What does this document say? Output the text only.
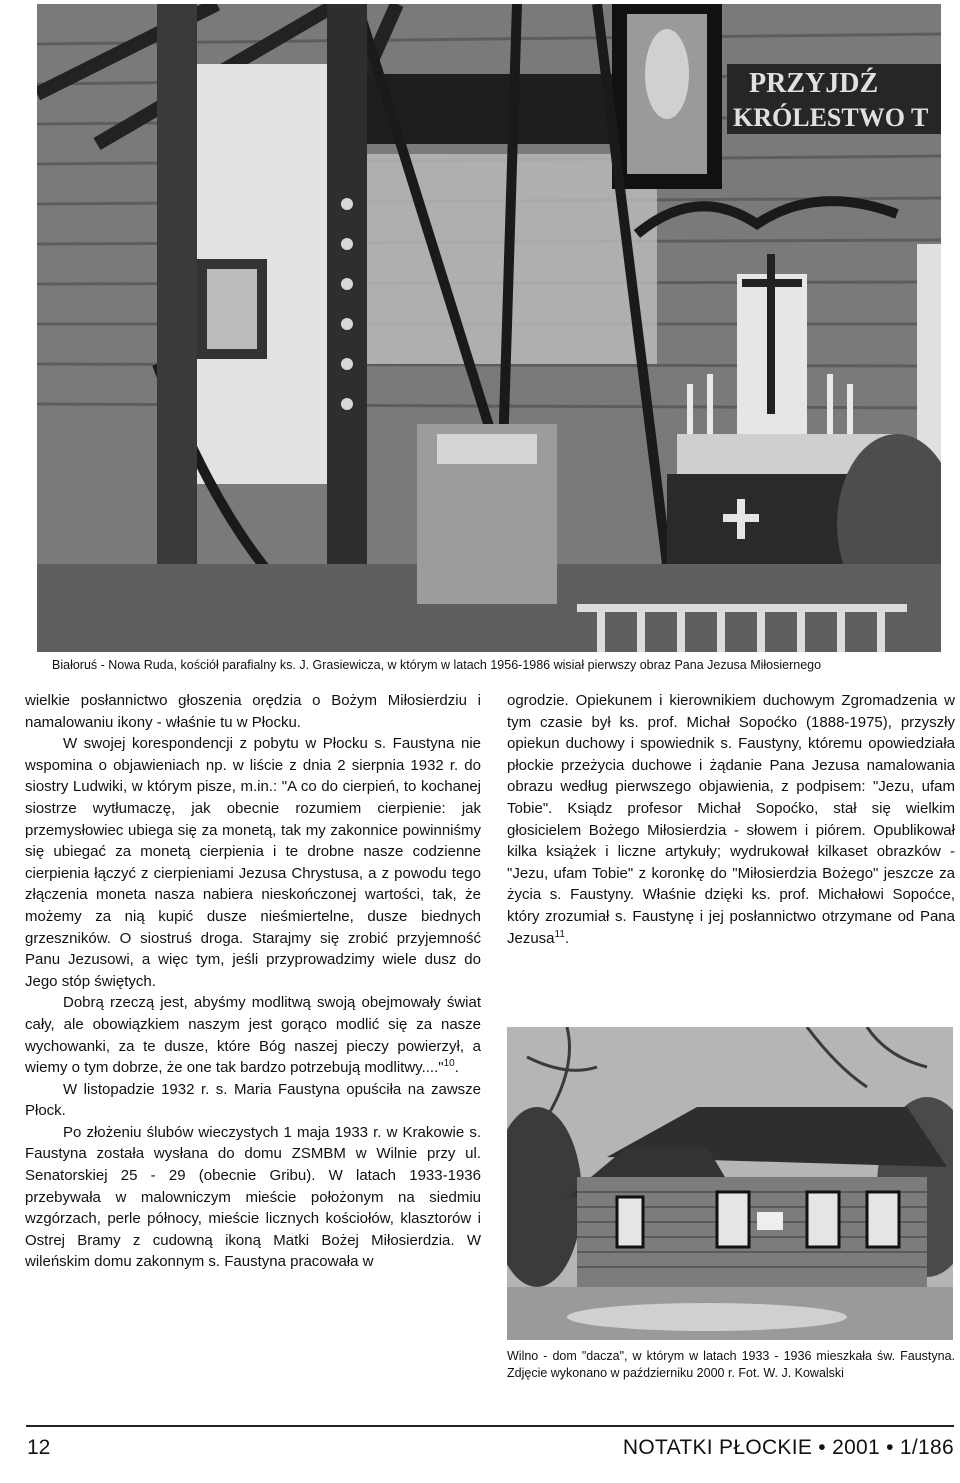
PRZYJDŹ
KRÓLESTWO T
Białoruś - Nowa Ruda, kościół parafialny ks. J. Grasiewicza, w którym w latach 1956-1986 wisiał pierwszy obraz Pana Jezusa Miłosiernego

wielkie posłannictwo głoszenia orędzia o Bożym Miłosierdziu i namalowaniu ikony - właśnie tu w Płocku.

W swojej korespondencji z pobytu w Płocku s. Faustyna nie wspomina o objawieniach np. w liście z dnia 2 sierpnia 1932 r. do siostry Ludwiki, w którym pisze, m.in.: "A co do cierpień, to kochanej siostrze wytłumaczę, jak obecnie rozumiem cierpienie: jak przemysłowiec ubiega się za monetą, tak my zakonnice powinniśmy się ubiegać za monetą cierpienia i te drobne nasze codzienne cierpienia łączyć z cierpieniami Jezusa Chrystusa, a z powodu tego złączenia moneta nasza nabiera nieskończonej wartości, tak, że możemy za nią kupić dusze nieśmiertelne, dusze biednych grzeszników. O siostruś droga. Starajmy się zrobić przyjemność Panu Jezusowi, a więc tym, jeśli przyprowadzimy wiele dusz do Jego stóp świętych.

Dobrą rzeczą jest, abyśmy modlitwą swoją obejmowały świat cały, ale obowiązkiem naszym jest gorąco modlić się za nasze wychowanki, za te dusze, które Bóg naszej pieczy powierzył, a wiemy o tym dobrze, że one tak bardzo potrzebują modlitwy...."$^{10}$.

W listopadzie 1932 r. s. Maria Faustyna opuściła na zawsze Płock.

Po złożeniu ślubów wieczystych 1 maja 1933 r. w Krakowie s. Faustyna została wysłana do domu ZSMBM w Wilnie przy ul. Senatorskiej 25 - 29 (obecnie Gribu). W latach 1933-1936 przebywała w malowniczym mieście położonym na siedmiu wzgórzach, perle północy, mieście licznych kościołów, klasztorów i Ostrej Bramy z cudowną ikoną Matki Bożej Miłosierdzia. W wileńskim domu zakonnym s. Faustyna pracowała w

ogrodzie. Opiekunem i kierownikiem duchowym Zgromadzenia w tym czasie był ks. prof. Michał Sopoćko (1888-1975), przyszły opiekun duchowy i spowiednik s. Faustyny, któremu opowiedziała płockie przeżycia duchowe i żądanie Pana Jezusa namalowania obrazu według pierwszego objawienia, z podpisem: "Jezu, ufam Tobie". Ksiądz profesor Michał Sopoćko, stał się wielkim głosicielem Bożego Miłosierdzia - słowem i piórem. Opublikował kilka książek i liczne artykuły; wydrukował kilkaset obrazków - "Jezu, ufam Tobie" z koronkę do "Miłosierdzia Bożego" jeszcze za życia s. Faustyny. Właśnie dzięki ks. prof. Michałowi Sopoćce, który zrozumiał s. Faustynę i jej posłannictwo otrzymane od Pana Jezusa$^{11}$.

Wilno - dom "dacza", w którym w latach 1933 - 1936 mieszkała św. Faustyna. Zdjęcie wykonano w październiku 2000 r. Fot. W. J. Kowalski

12	NOTATKI PŁOCKIE • 2001 • 1/186
